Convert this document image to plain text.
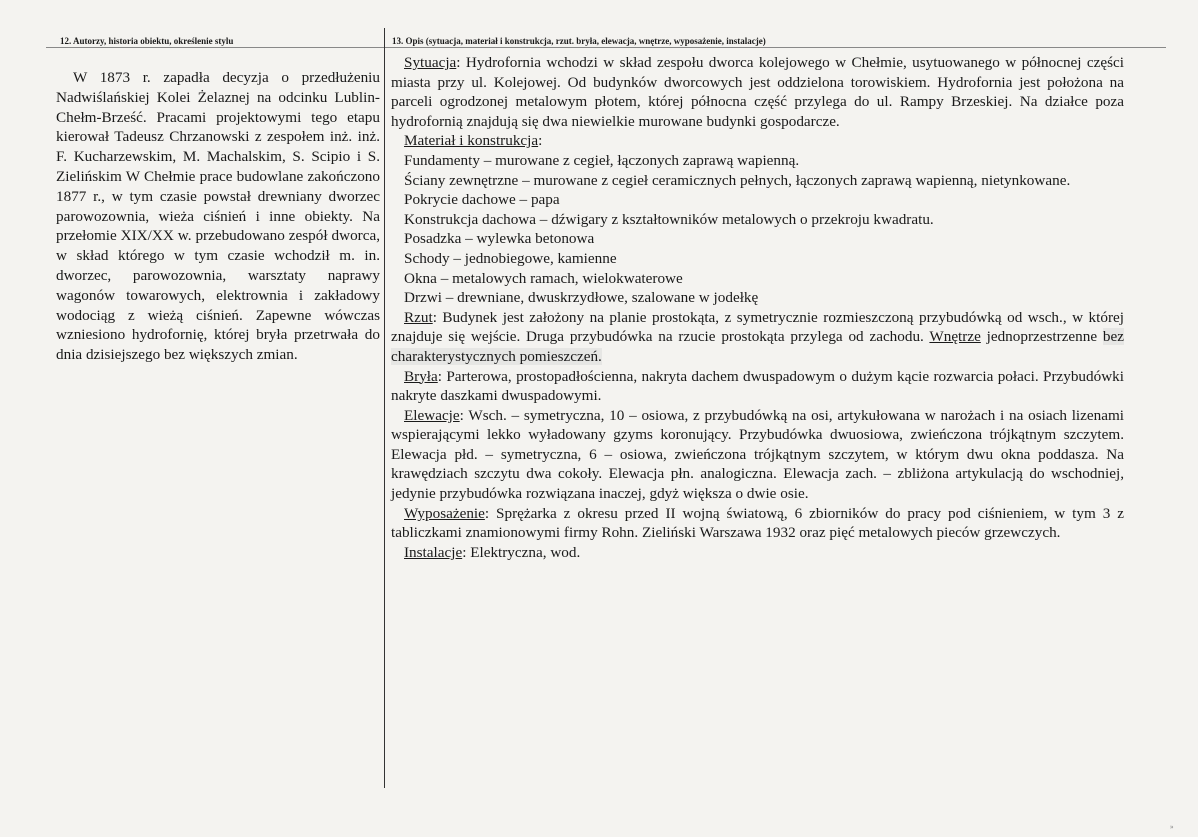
12. Autorzy, historia obiektu, określenie stylu	13. Opis (sytuacja, materiał i konstrukcja, rzut. bryła, elewacja, wnętrze, wyposażenie, instalacje)

W 1873 r. zapadła decyzja o przedłużeniu Nadwiślańskiej Kolei Żelaznej na odcinku Lublin-Chełm-Brześć. Pracami projektowymi tego etapu kierował Tadeusz Chrzanowski z zespołem inż. inż. F. Kucharzewskim, M. Machalskim, S. Scipio i S. Zielińskim W Chełmie prace budowlane zakończono 1877 r., w tym czasie powstał drewniany dworzec parowozownia, wieża ciśnień i inne obiekty. Na przełomie XIX/XX w. przebudowano zespół dworca, w skład którego w tym czasie wchodził m. in. dworzec, parowozownia, warsztaty naprawy wagonów towarowych, elektrownia i zakładowy wodociąg z wieżą ciśnień. Zapewne wówczas wzniesiono hydrofornię, której bryła przetrwała do dnia dzisiejszego bez większych zmian.

Sytuacja: Hydrofornia wchodzi w skład zespołu dworca kolejowego w Chełmie, usytuowanego w północnej części miasta przy ul. Kolejowej. Od budynków dworcowych jest oddzielona torowiskiem. Hydrofornia jest położona na parceli ogrodzonej metalowym płotem, której północna część przylega do ul. Rampy Brzeskiej. Na działce poza hydrofornią znajdują się dwa niewielkie murowane budynki gospodarcze.

Materiał i konstrukcja:

Fundamenty – murowane z cegieł, łączonych zaprawą wapienną.

Ściany zewnętrzne – murowane z cegieł ceramicznych pełnych, łączonych zaprawą wapienną, nietynkowane.

Pokrycie dachowe – papa

Konstrukcja dachowa – dźwigary z kształtowników metalowych o przekroju kwadratu.

Posadzka – wylewka betonowa

Schody – jednobiegowe, kamienne

Okna – metalowych ramach, wielokwaterowe

Drzwi – drewniane, dwuskrzydłowe, szalowane w jodełkę

Rzut: Budynek jest założony na planie prostokąta, z symetrycznie rozmieszczoną przybudówką od wsch., w której znajduje się wejście. Druga przybudówka na rzucie prostokąta przylega od zachodu. Wnętrze jednoprzestrzenne bez charakterystycznych pomieszczeń.

Bryła: Parterowa, prostopadłościenna, nakryta dachem dwuspadowym o dużym kącie rozwarcia połaci. Przybudówki nakryte daszkami dwuspadowymi.

Elewacje: Wsch. – symetryczna, 10 – osiowa, z przybudówką na osi, artykułowana w narożach i na osiach lizenami wspierającymi lekko wyładowany gzyms koronujący. Przybudówka dwuosiowa, zwieńczona trójkątnym szczytem. Elewacja płd. – symetryczna, 6 – osiowa, zwieńczona trójkątnym szczytem, w którym dwu okna poddasza. Na krawędziach szczytu dwa cokoły. Elewacja płn. analogiczna. Elewacja zach. – zbliżona artykulacją do wschodniej, jedynie przybudówka rozwiązana inaczej, gdyż większa o dwie osie.

Wyposażenie: Sprężarka z okresu przed II wojną światową, 6 zbiorników do pracy pod ciśnieniem, w tym 3 z tabliczkami znamionowymi firmy Rohn. Zieliński Warszawa 1932 oraz pięć metalowych pieców grzewczych.

Instalacje: Elektryczna, wod.

»
